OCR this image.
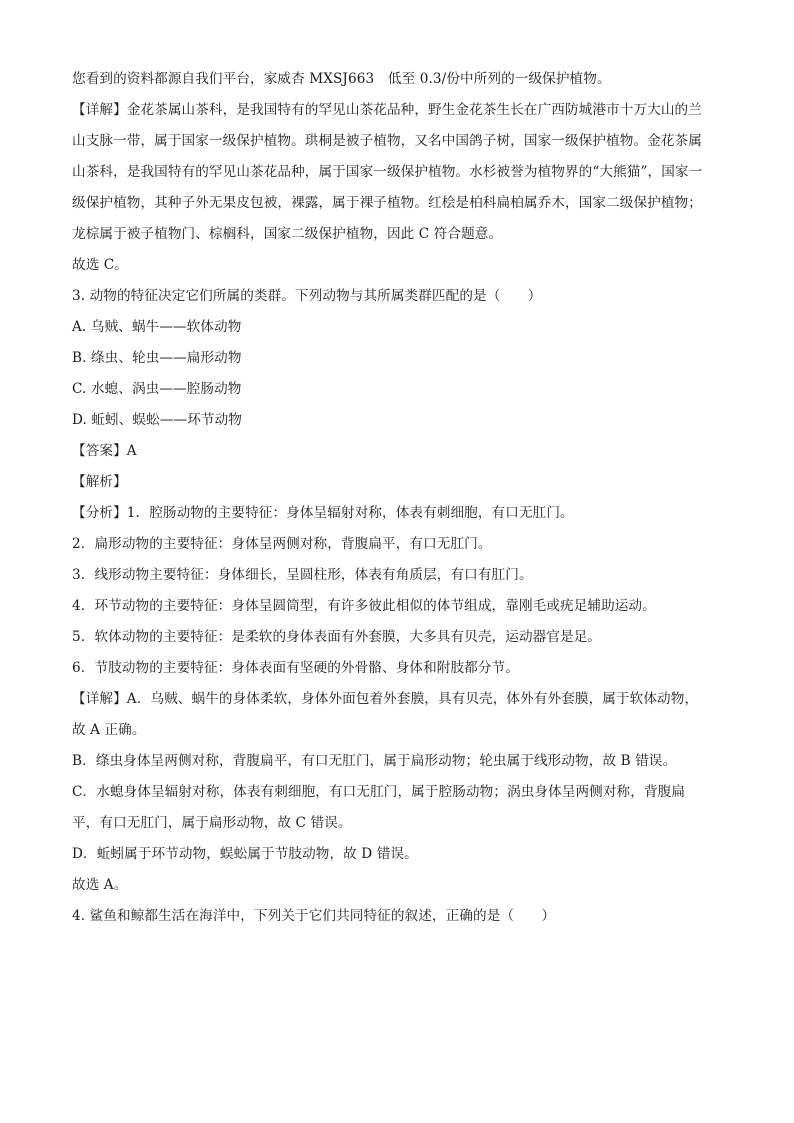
您看到的资料都源自我们平台，家威杏 MXSJ663　低至 0.3/份中所列的一级保护植物。
【详解】金花茶属山茶科，是我国特有的罕见山茶花品种，野生金花茶生长在广西防城港市十万大山的兰
山支脉一带，属于国家一级保护植物。珙桐是被子植物，又名中国鸽子树，国家一级保护植物。金花茶属
山茶科，是我国特有的罕见山茶花品种，属于国家一级保护植物。水杉被誉为植物界的“大熊猫”，国家一
级保护植物，其种子外无果皮包被，裸露，属于裸子植物。红桧是柏科扁柏属乔木，国家二级保护植物；
龙棕属于被子植物门、棕榈科，国家二级保护植物，因此 C 符合题意。
故选 C。
3. 动物的特征决定它们所属的类群。下列动物与其所属类群匹配的是（　　）
A. 乌贼、蜗牛——软体动物
B. 绦虫、轮虫——扁形动物
C. 水螅、涡虫——腔肠动物
D. 蚯蚓、蜈蚣——环节动物
【答案】A
【解析】
【分析】1．腔肠动物的主要特征：身体呈辐射对称，体表有刺细胞，有口无肛门。
2．扁形动物的主要特征：身体呈两侧对称，背腹扁平，有口无肛门。
3．线形动物主要特征：身体细长，呈圆柱形，体表有角质层，有口有肛门。
4．环节动物的主要特征：身体呈圆筒型，有许多彼此相似的体节组成，靠刚毛或疣足辅助运动。
5．软体动物的主要特征：是柔软的身体表面有外套膜，大多具有贝壳，运动器官是足。
6．节肢动物的主要特征：身体表面有坚硬的外骨骼、身体和附肢都分节。
【详解】A．乌贼、蜗牛的身体柔软，身体外面包着外套膜，具有贝壳，体外有外套膜，属于软体动物，
故 A 正确。
B．绦虫身体呈两侧对称，背腹扁平，有口无肛门，属于扁形动物；轮虫属于线形动物，故 B 错误。
C．水螅身体呈辐射对称，体表有刺细胞，有口无肛门，属于腔肠动物；涡虫身体呈两侧对称，背腹扁
平，有口无肛门，属于扁形动物，故 C 错误。
D．蚯蚓属于环节动物，蜈蚣属于节肢动物，故 D 错误。
故选 A。
4. 鲨鱼和鲸都生活在海洋中，下列关于它们共同特征的叙述，正确的是（　　）
